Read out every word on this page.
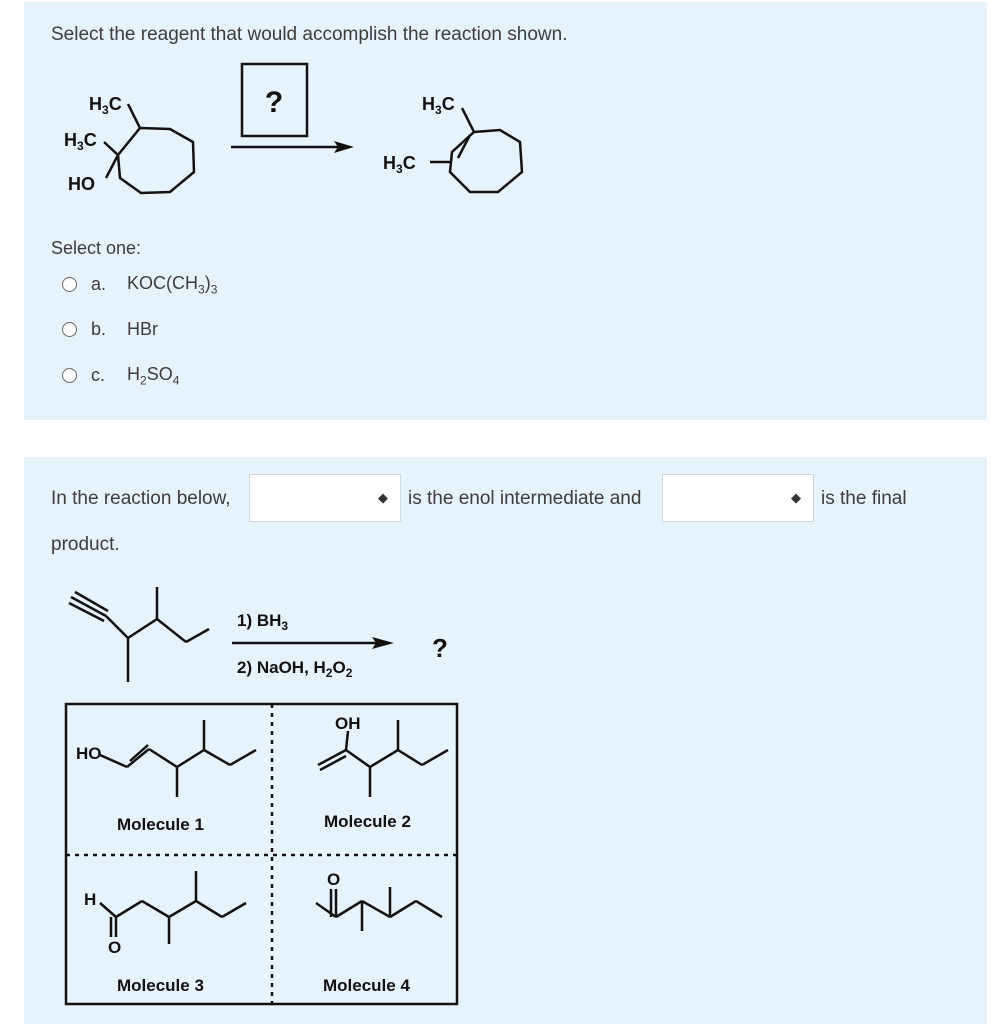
Select the reagent that would accomplish the reaction shown.
$H_3C$
$H_3C$
HO
?	$H_3C$
$H_3C$
Select one:
a.	$KOC(CH_3)_3$
b.	HBr
c.	$H_2SO_4$
In the reaction below,	◆ is the enol intermediate and	◆ is the final
product.
1) $BH_3$
2) NaOH, $H_2O_2$
?
HO
Molecule 1
OH
Molecule 2
H
O
Molecule 3
O
Molecule 4
